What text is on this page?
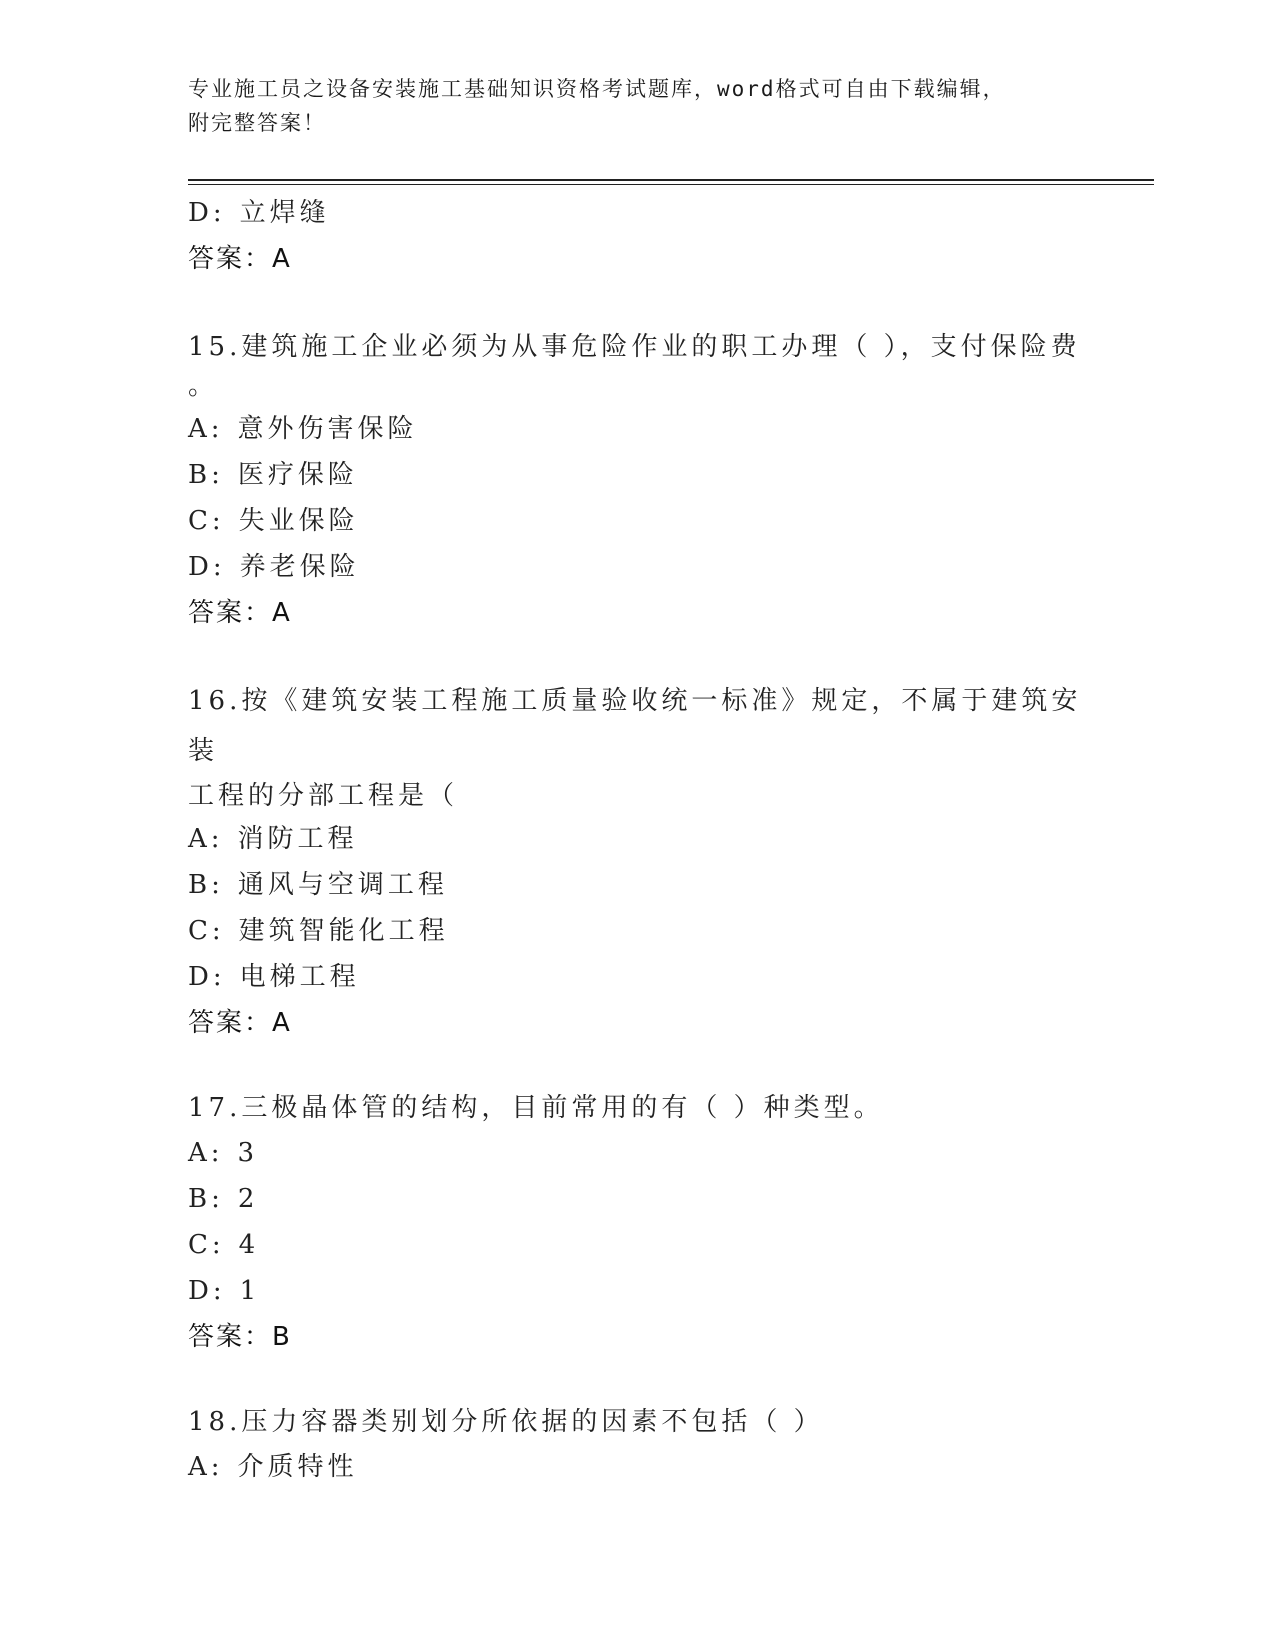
专业施工员之设备安装施工基础知识资格考试题库，word格式可自由下载编辑，
附完整答案！
D: 立焊缝
答案：A
15.建筑施工企业必须为从事危险作业的职工办理（ ），支付保险费
。
A: 意外伤害保险
B: 医疗保险
C: 失业保险
D: 养老保险
答案：A
16.按《建筑安装工程施工质量验收统一标准》规定，不属于建筑安装
工程的分部工程是（
A: 消防工程
B: 通风与空调工程
C: 建筑智能化工程
D: 电梯工程
答案：A
17.三极晶体管的结构，目前常用的有（ ）种类型。
A: 3
B: 2
C: 4
D: 1
答案：B
18.压力容器类别划分所依据的因素不包括（ ）
A: 介质特性
